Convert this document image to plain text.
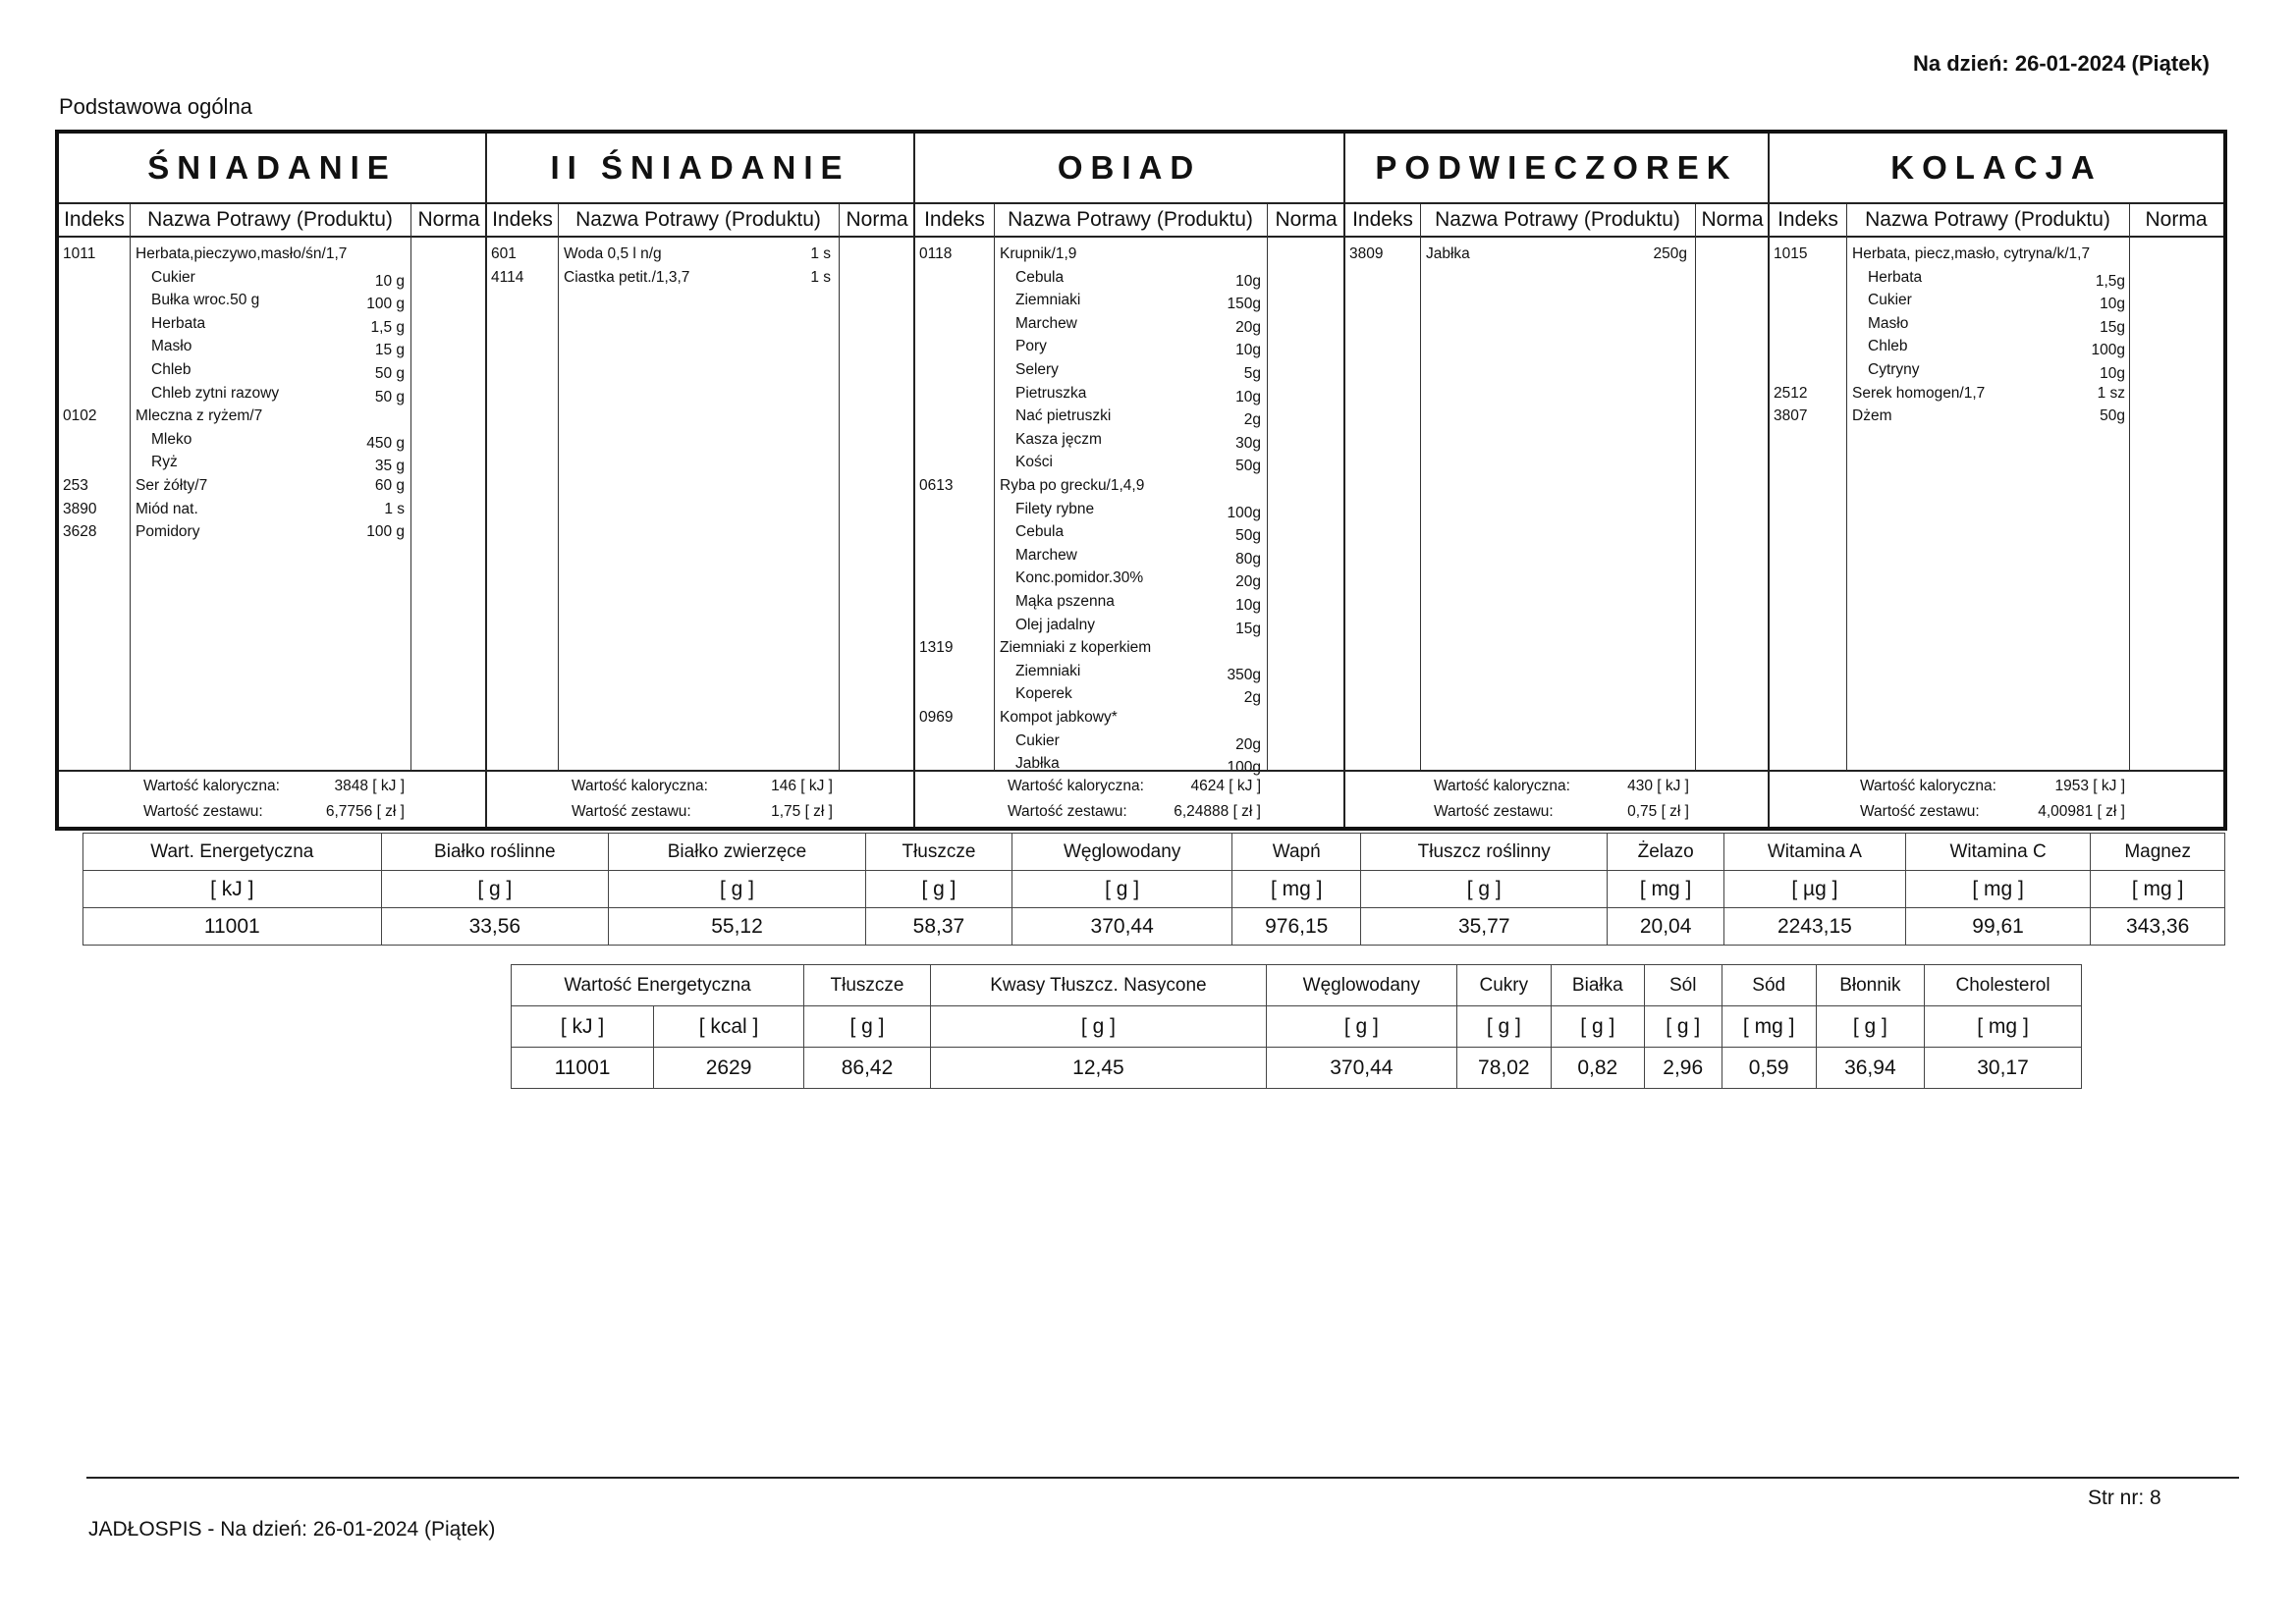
Na dzień: 26-01-2024 (Piątek)
Podstawowa ogólna
ŚNIADANIE
Indeks	Nazwa Potrawy (Produktu)	Norma
1011	Herbata,pieczywo,masło/śn/1,7
Cukier	10 g
Bułka wroc.50 g	100 g
Herbata	1,5 g
Masło	15 g
Chleb	50 g
Chleb zytni razowy	50 g
0102	Mleczna z ryżem/7
Mleko	450 g
Ryż	35 g
253	Ser żółty/7	60 g
3890	Miód nat.	1 s
3628	Pomidory	100 g
Wartość kaloryczna:	3848 [ kJ ]
Wartość zestawu:	6,7756 [ zł ]
II ŚNIADANIE
Indeks	Nazwa Potrawy (Produktu)	Norma
601	Woda 0,5 l n/g	1 s
4114	Ciastka petit./1,3,7	1 s
Wartość kaloryczna:	146 [ kJ ]
Wartość zestawu:	1,75 [ zł ]
OBIAD
Indeks	Nazwa Potrawy (Produktu)	Norma
0118	Krupnik/1,9
Cebula	10g
Ziemniaki	150g
Marchew	20g
Pory	10g
Selery	5g
Pietruszka	10g
Nać pietruszki	2g
Kasza jęczm	30g
Kości	50g
0613	Ryba po grecku/1,4,9
Filety rybne	100g
Cebula	50g
Marchew	80g
Konc.pomidor.30%	20g
Mąka pszenna	10g
Olej jadalny	15g
1319	Ziemniaki z koperkiem
Ziemniaki	350g
Koperek	2g
0969	Kompot jabkowy*
Cukier	20g
Jabłka	100g
Wartość kaloryczna:	4624 [ kJ ]
Wartość zestawu:	6,24888 [ zł ]
PODWIECZOREK
Indeks	Nazwa Potrawy (Produktu)	Norma
3809	Jabłka	250g
Wartość kaloryczna:	430 [ kJ ]
Wartość zestawu:	0,75 [ zł ]
KOLACJA
Indeks	Nazwa Potrawy (Produktu)	Norma
1015	Herbata, piecz,masło, cytryna/k/1,7
Herbata	1,5g
Cukier	10g
Masło	15g
Chleb	100g
Cytryny	10g
2512	Serek homogen/1,7	1 sz
3807	Dżem	50g
Wartość kaloryczna:	1953 [ kJ ]
Wartość zestawu:	4,00981 [ zł ]
Wart. Energetyczna	Białko roślinne	Białko zwierzęce	Tłuszcze	Węglowodany	Wapń	Tłuszcz roślinny	Żelazo	Witamina A	Witamina C	Magnez
[ kJ ]	[ g ]	[ g ]	[ g ]	[ g ]	[ mg ]	[ g ]	[ mg ]	[ µg ]	[ mg ]	[ mg ]
11001	33,56	55,12	58,37	370,44	976,15	35,77	20,04	2243,15	99,61	343,36
Wartość Energetyczna		Tłuszcze	Kwasy Tłuszcz. Nasycone	Węglowodany	Cukry	Białka	Sól	Sód	Błonnik	Cholesterol
[ kJ ]	[ kcal ]	[ g ]	[ g ]	[ g ]	[ g ]	[ g ]	[ g ]	[ mg ]	[ g ]	[ mg ]
11001	2629	86,42	12,45	370,44	78,02	0,82	2,96	0,59	36,94	30,17
Str nr: 8
JADŁOSPIS - Na dzień: 26-01-2024 (Piątek)
